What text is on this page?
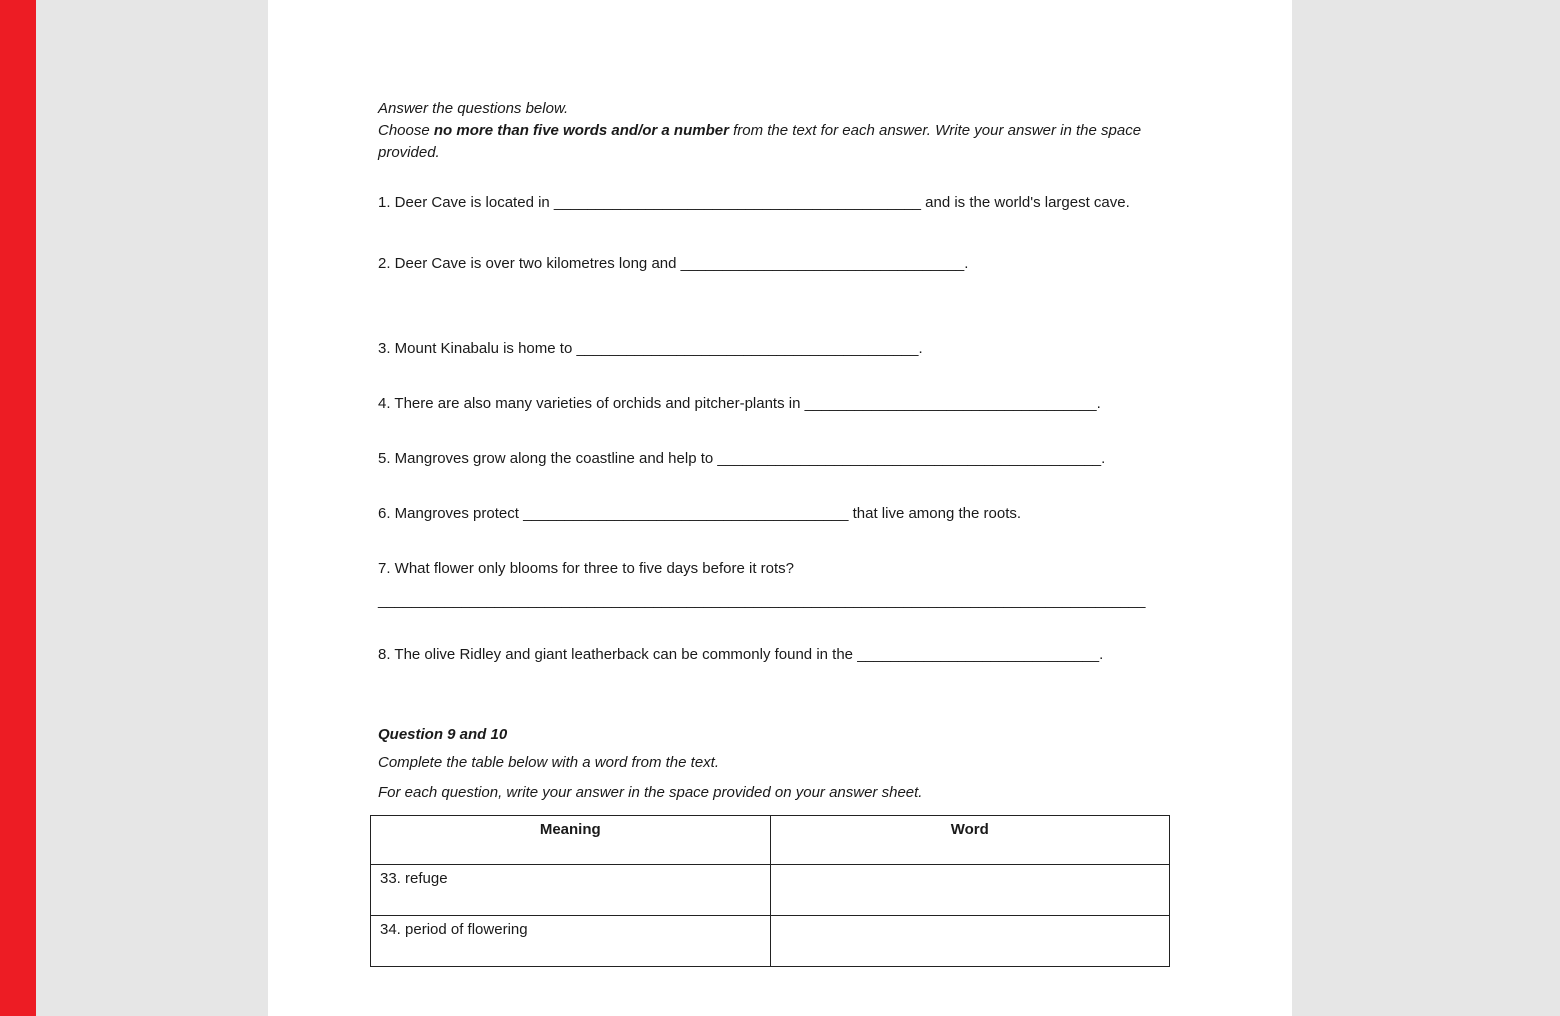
Answer the questions below.
Choose no more than five words and/or a number from the text for each answer. Write your answer in the space provided.
1. Deer Cave is located in ____________________________________________ and is the world's largest cave.
2. Deer Cave is over two kilometres long and __________________________________.
3. Mount Kinabalu is home to _________________________________________.
4. There are also many varieties of orchids and pitcher-plants in ___________________________________.
5. Mangroves grow along the coastline and help to ______________________________________________.
6. Mangroves protect _______________________________________ that live among the roots.
7. What flower only blooms for three to five days before it rots?
____________________________________________________________________________________________
8. The olive Ridley and giant leatherback can be commonly found in the _____________________________.
Question 9 and 10
Complete the table below with a word from the text.
For each question, write your answer in the space provided on your answer sheet.
Meaning	Word
33. refuge	
34. period of flowering	
